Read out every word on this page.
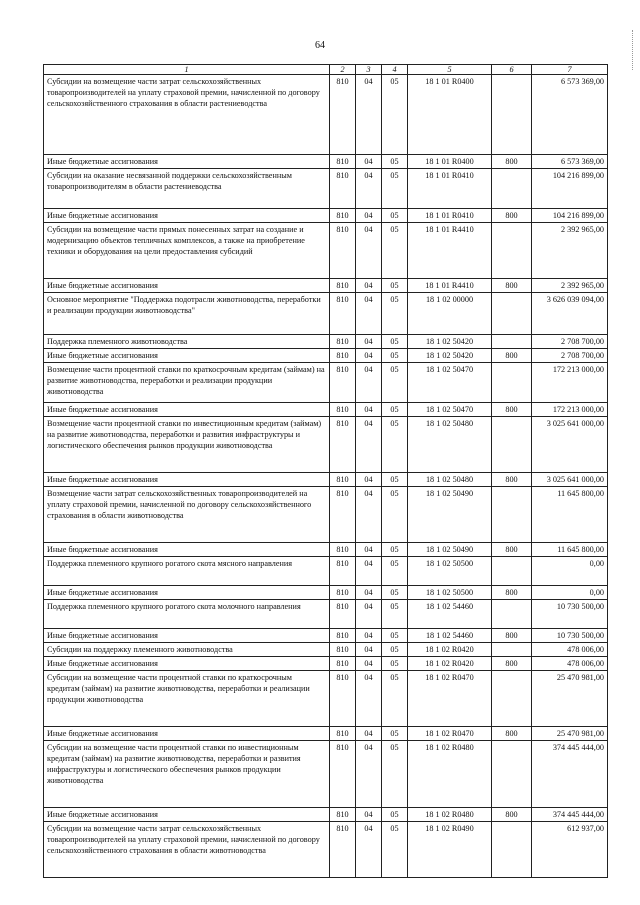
64
1	2	3	4	5	6	7
Субсидии на возмещение части затрат сельскохозяйственных товаропроизводителей на уплату страховой премии, начисленной по договору сельскохозяйственного страхования в области растениеводства	810	04	05	18 1 01 R0400		6 573 369,00
Иные бюджетные ассигнования	810	04	05	18 1 01 R0400	800	6 573 369,00
Субсидии на оказание несвязанной поддержки сельскохозяйственным товаропроизводителям в области растениеводства	810	04	05	18 1 01 R0410		104 216 899,00
Иные бюджетные ассигнования	810	04	05	18 1 01 R0410	800	104 216 899,00
Субсидии на возмещение части прямых понесенных затрат на создание и модернизацию объектов тепличных комплексов, а также на приобретение техники и оборудования на цели предоставления субсидий	810	04	05	18 1 01 R4410		2 392 965,00
Иные бюджетные ассигнования	810	04	05	18 1 01 R4410	800	2 392 965,00
Основное мероприятие "Поддержка подотрасли животноводства, переработки и реализации продукции животноводства"	810	04	05	18 1 02 00000		3 626 039 094,00
Поддержка племенного животноводства	810	04	05	18 1 02 50420		2 708 700,00
Иные бюджетные ассигнования	810	04	05	18 1 02 50420	800	2 708 700,00
Возмещение части процентной ставки по краткосрочным кредитам (займам) на развитие животноводства, переработки и реализации продукции животноводства	810	04	05	18 1 02 50470		172 213 000,00
Иные бюджетные ассигнования	810	04	05	18 1 02 50470	800	172 213 000,00
Возмещение части процентной ставки по инвестиционным кредитам (займам) на развитие животноводства, переработки и развития инфраструктуры и логистического обеспечения рынков продукции животноводства	810	04	05	18 1 02 50480		3 025 641 000,00
Иные бюджетные ассигнования	810	04	05	18 1 02 50480	800	3 025 641 000,00
Возмещение части затрат сельскохозяйственных товаропроизводителей на уплату страховой премии, начисленной по договору сельскохозяйственного страхования в области животноводства	810	04	05	18 1 02 50490		11 645 800,00
Иные бюджетные ассигнования	810	04	05	18 1 02 50490	800	11 645 800,00
Поддержка племенного крупного рогатого скота мясного направления	810	04	05	18 1 02 50500		0,00
Иные бюджетные ассигнования	810	04	05	18 1 02 50500	800	0,00
Поддержка племенного крупного рогатого скота молочного направления	810	04	05	18 1 02 54460		10 730 500,00
Иные бюджетные ассигнования	810	04	05	18 1 02 54460	800	10 730 500,00
Субсидии на поддержку племенного животноводства	810	04	05	18 1 02 R0420		478 006,00
Иные бюджетные ассигнования	810	04	05	18 1 02 R0420	800	478 006,00
Субсидии на возмещение части процентной ставки по краткосрочным кредитам (займам) на развитие животноводства, переработки и реализации продукции животноводства	810	04	05	18 1 02 R0470		25 470 981,00
Иные бюджетные ассигнования	810	04	05	18 1 02 R0470	800	25 470 981,00
Субсидии на возмещение части процентной ставки по инвестиционным кредитам (займам) на развитие животноводства, переработки и развития инфраструктуры и логистического обеспечения рынков продукции животноводства	810	04	05	18 1 02 R0480		374 445 444,00
Иные бюджетные ассигнования	810	04	05	18 1 02 R0480	800	374 445 444,00
Субсидии на возмещение части затрат сельскохозяйственных товаропроизводителей на уплату страховой премии, начисленной по договору сельскохозяйственного страхования в области животноводства	810	04	05	18 1 02 R0490		612 937,00
